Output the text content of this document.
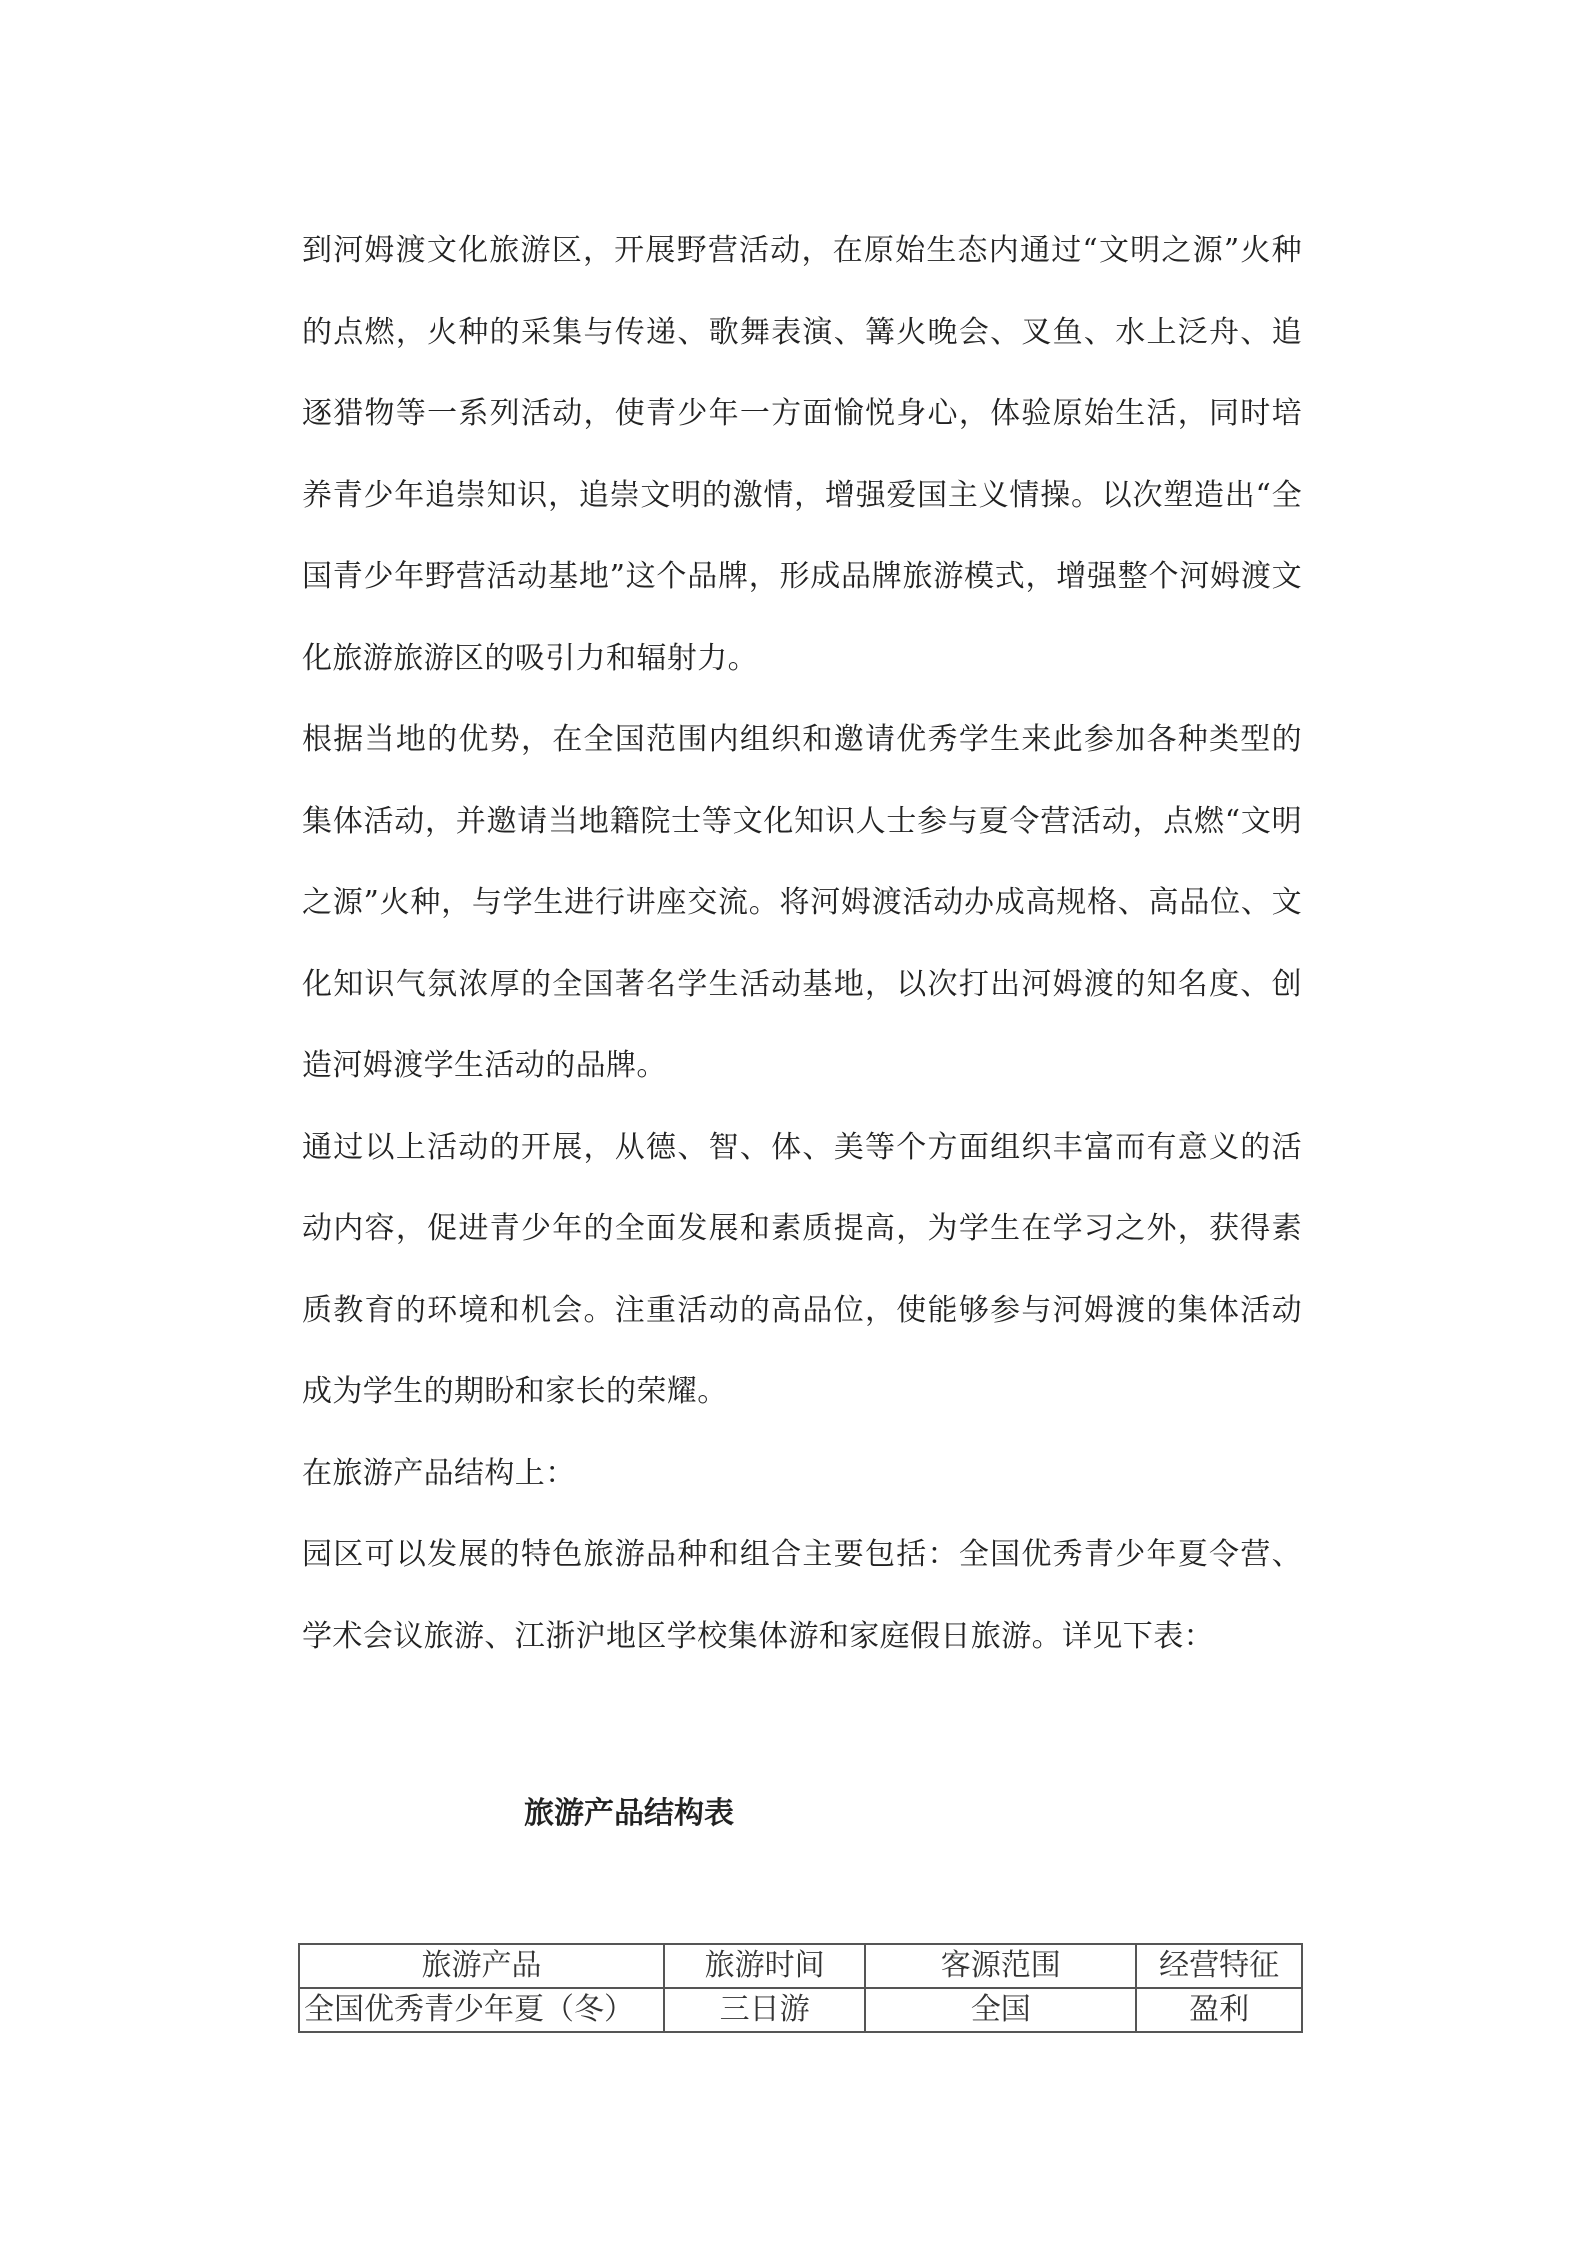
到河姆渡文化旅游区，开展野营活动，在原始生态内通过“文明之源”火种的点燃，火种的采集与传递、歌舞表演、篝火晚会、叉鱼、水上泛舟、追逐猎物等一系列活动，使青少年一方面愉悦身心，体验原始生活，同时培养青少年追崇知识，追崇文明的激情，增强爱国主义情操。以次塑造出“全国青少年野营活动基地”这个品牌，形成品牌旅游模式，增强整个河姆渡文化旅游旅游区的吸引力和辐射力。

根据当地的优势，在全国范围内组织和邀请优秀学生来此参加各种类型的集体活动，并邀请当地籍院士等文化知识人士参与夏令营活动，点燃“文明之源”火种，与学生进行讲座交流。将河姆渡活动办成高规格、高品位、文化知识气氛浓厚的全国著名学生活动基地，以次打出河姆渡的知名度、创造河姆渡学生活动的品牌。

通过以上活动的开展，从德、智、体、美等个方面组织丰富而有意义的活动内容，促进青少年的全面发展和素质提高，为学生在学习之外，获得素质教育的环境和机会。注重活动的高品位，使能够参与河姆渡的集体活动成为学生的期盼和家长的荣耀。

在旅游产品结构上：

园区可以发展的特色旅游品种和组合主要包括：全国优秀青少年夏令营、学术会议旅游、江浙沪地区学校集体游和家庭假日旅游。详见下表：

旅游产品结构表

旅游产品	旅游时间	客源范围	经营特征
全国优秀青少年夏（冬）	三日游	全国	盈利
